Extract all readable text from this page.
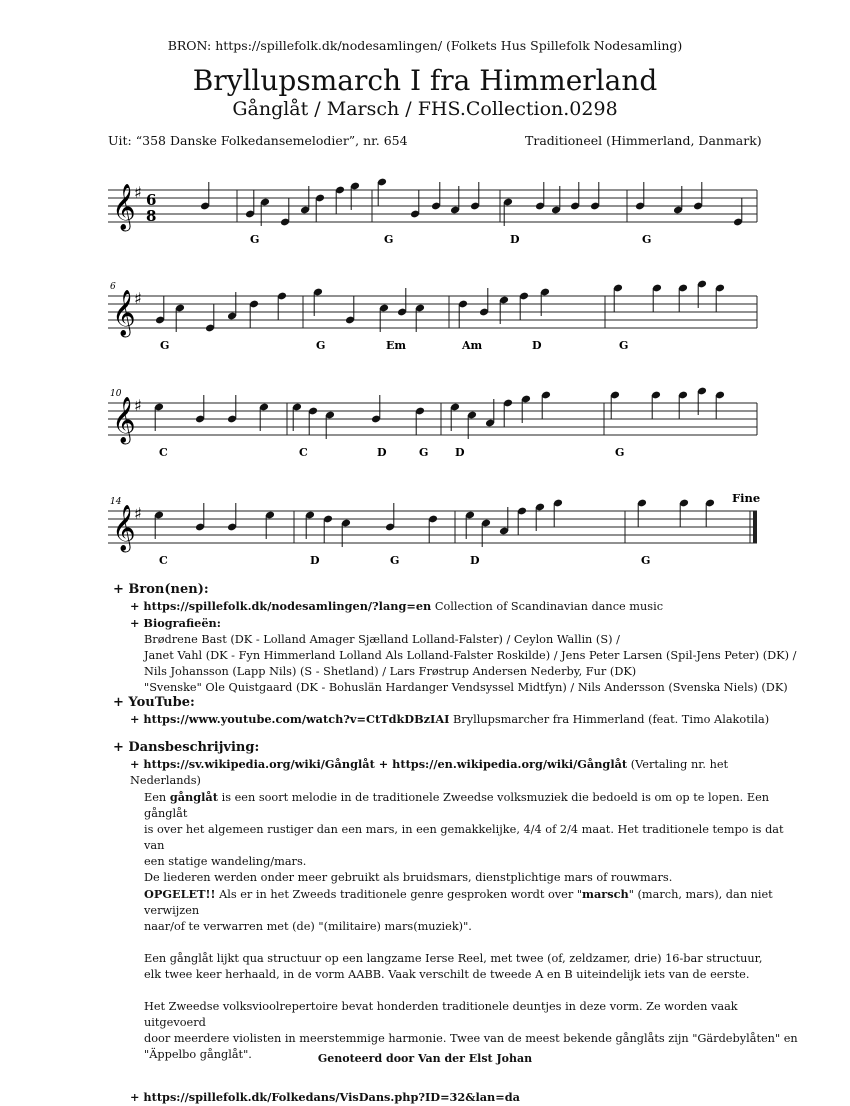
BRON: https://spillefolk.dk/nodesamlingen/ (Folkets Hus Spillefolk Nodesamling)
Bryllupsmarch I fra Himmerland
Gånglåt / Marsch / FHS.Collection.0298
Uit: “358 Danske Folkedansemelodier”, nr. 654	Traditioneel (Himmerland, Danmark)
𝄞
♯ 6
8
G	G	D	G
𝄞
♯
6
G	G	Em	Am	D	G
𝄞
♯
10
C	C	D	G D	G
𝄞
♯
14
C	D	G	D	G
Fine
+ Bron(nen):
+ https://spillefolk.dk/nodesamlingen/?lang=en Collection of Scandinavian dance music
+ Biografieën:
Brødrene Bast (DK - Lolland Amager Sjælland Lolland-Falster) / Ceylon Wallin (S) /
Janet Vahl (DK - Fyn Himmerland Lolland Als Lolland-Falster Roskilde) / Jens Peter Larsen (Spil-Jens Peter) (DK) /
Nils Johansson (Lapp Nils) (S - Shetland) / Lars Frøstrup Andersen Nederby, Fur (DK)
"Svenske" Ole Quistgaard (DK - Bohuslän Hardanger Vendsyssel Midtfyn) / Nils Andersson (Svenska Niels) (DK)
+ YouTube:
+ https://www.youtube.com/watch?v=CtTdkDBzIAI Bryllupsmarcher fra Himmerland (feat. Timo Alakotila)
+ Dansbeschrijving:
+ https://sv.wikipedia.org/wiki/Gånglåt + https://en.wikipedia.org/wiki/Gånglåt (Vertaling nr. het Nederlands)
Een gånglåt is een soort melodie in de traditionele Zweedse volksmuziek die bedoeld is om op te lopen. Een gånglåt
is over het algemeen rustiger dan een mars, in een gemakkelijke, 4/4 of 2/4 maat. Het traditionele tempo is dat van
een statige wandeling/mars.
De liederen werden onder meer gebruikt als bruidsmars, dienstplichtige mars of rouwmars.
OPGELET!! Als er in het Zweeds traditionele genre gesproken wordt over "marsch" (march, mars), dan niet verwijzen
naar/of te verwarren met (de) "(militaire) mars(muziek)".
Een gånglåt lijkt qua structuur op een langzame Ierse Reel, met twee (of, zeldzamer, drie) 16-bar structuur,
elk twee keer herhaald, in de vorm AABB. Vaak verschilt de tweede A en B uiteindelijk iets van de eerste.
Het Zweedse volksvioolrepertoire bevat honderden traditionele deuntjes in deze vorm. Ze worden vaak uitgevoerd
door meerdere violisten in meerstemmige harmonie. Twee van de meest bekende gånglåts zijn "Gärdebylåten" en
"Äppelbo gånglåt".
+ https://spillefolk.dk/Folkedans/VisDans.php?ID=32&lan=da
Genoteerd door Van der Elst Johan
